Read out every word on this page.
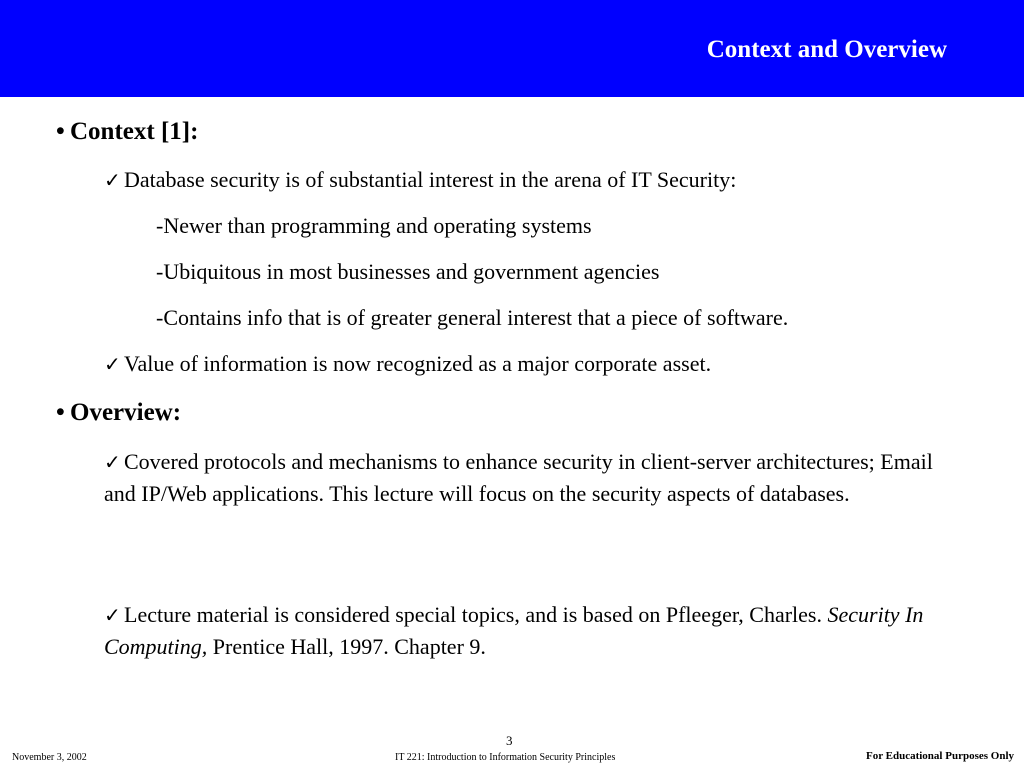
Context and Overview
• Context [1]:
✓ Database security is of substantial interest in the arena of IT Security:
-Newer than programming and operating systems
-Ubiquitous in most businesses and government agencies
-Contains info that is of greater general interest that a piece of software.
✓ Value of information is now recognized as a major corporate asset.
• Overview:
✓ Covered protocols and mechanisms to enhance security in client-server architectures; Email and IP/Web applications. This lecture will focus on the security aspects of databases.
✓ Lecture material is considered special topics, and is based on Pfleeger, Charles. Security In Computing, Prentice Hall, 1997. Chapter 9.
3
November 3, 2002	IT 221: Introduction to Information Security Principles	For Educational Purposes Only
